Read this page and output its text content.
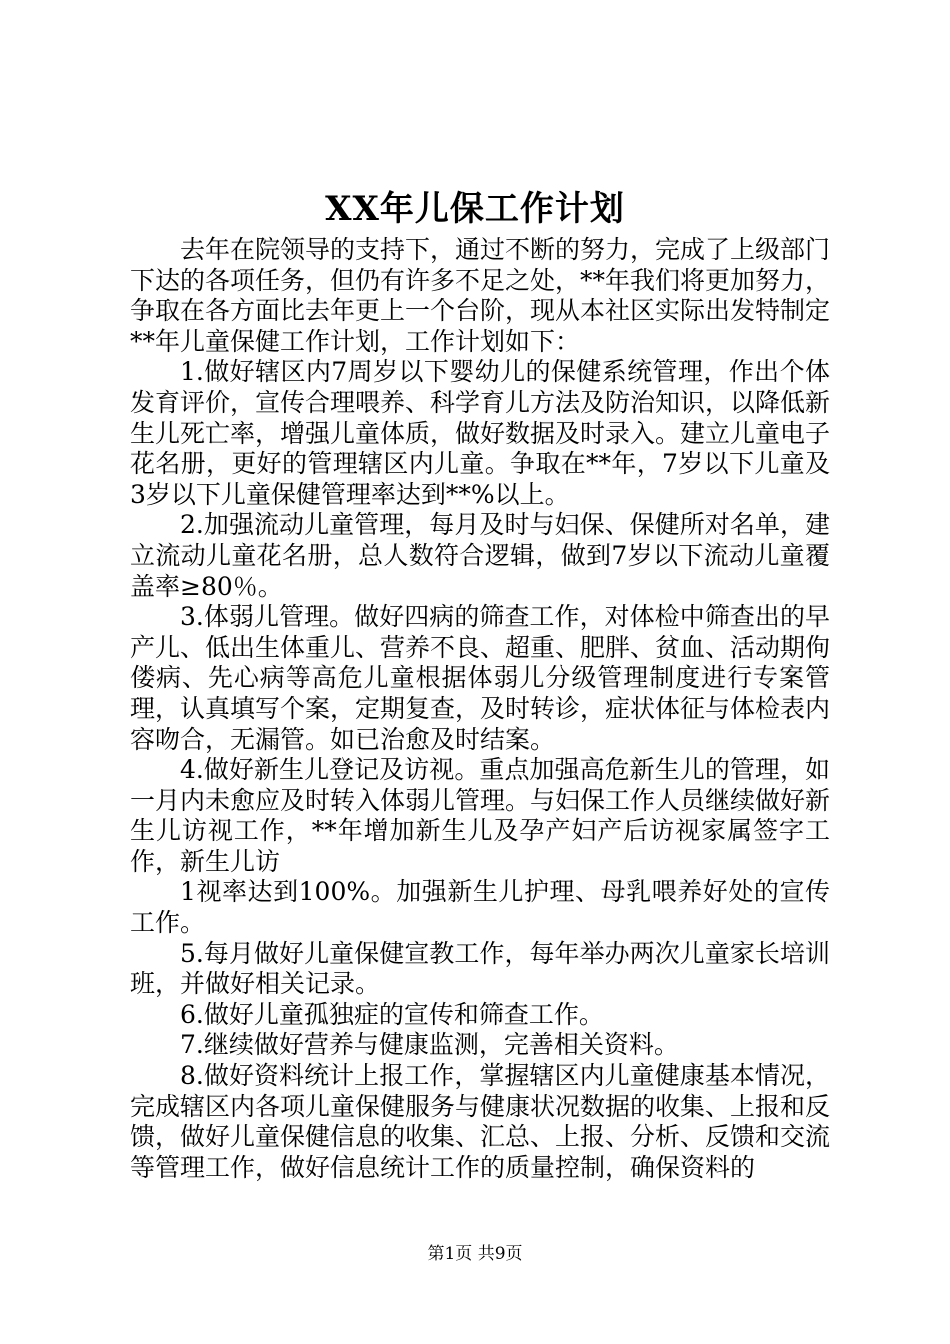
XX年儿保工作计划

去年在院领导的支持下，通过不断的努力，完成了上级部门下达的各项任务，但仍有许多不足之处，**年我们将更加努力，争取在各方面比去年更上一个台阶，现从本社区实际出发特制定**年儿童保健工作计划，工作计划如下：

1.做好辖区内7周岁以下婴幼儿的保健系统管理，作出个体发育评价，宣传合理喂养、科学育儿方法及防治知识，以降低新生儿死亡率，增强儿童体质，做好数据及时录入。建立儿童电子花名册，更好的管理辖区内儿童。争取在**年，7岁以下儿童及3岁以下儿童保健管理率达到**%以上。

2.加强流动儿童管理，每月及时与妇保、保健所对名单，建立流动儿童花名册，总人数符合逻辑，做到7岁以下流动儿童覆盖率≥80％。

3.体弱儿管理。做好四病的筛查工作，对体检中筛查出的早产儿、低出生体重儿、营养不良、超重、肥胖、贫血、活动期佝偻病、先心病等高危儿童根据体弱儿分级管理制度进行专案管理，认真填写个案，定期复查，及时转诊，症状体征与体检表内容吻合，无漏管。如已治愈及时结案。

4.做好新生儿登记及访视。重点加强高危新生儿的管理，如一月内未愈应及时转入体弱儿管理。与妇保工作人员继续做好新生儿访视工作，**年增加新生儿及孕产妇产后访视家属签字工作，新生儿访

1视率达到100%。加强新生儿护理、母乳喂养好处的宣传工作。

5.每月做好儿童保健宣教工作，每年举办两次儿童家长培训班，并做好相关记录。

6.做好儿童孤独症的宣传和筛查工作。

7.继续做好营养与健康监测，完善相关资料。

8.做好资料统计上报工作，掌握辖区内儿童健康基本情况，完成辖区内各项儿童保健服务与健康状况数据的收集、上报和反馈，做好儿童保健信息的收集、汇总、上报、分析、反馈和交流等管理工作，做好信息统计工作的质量控制，确保资料的

第1页 共9页
